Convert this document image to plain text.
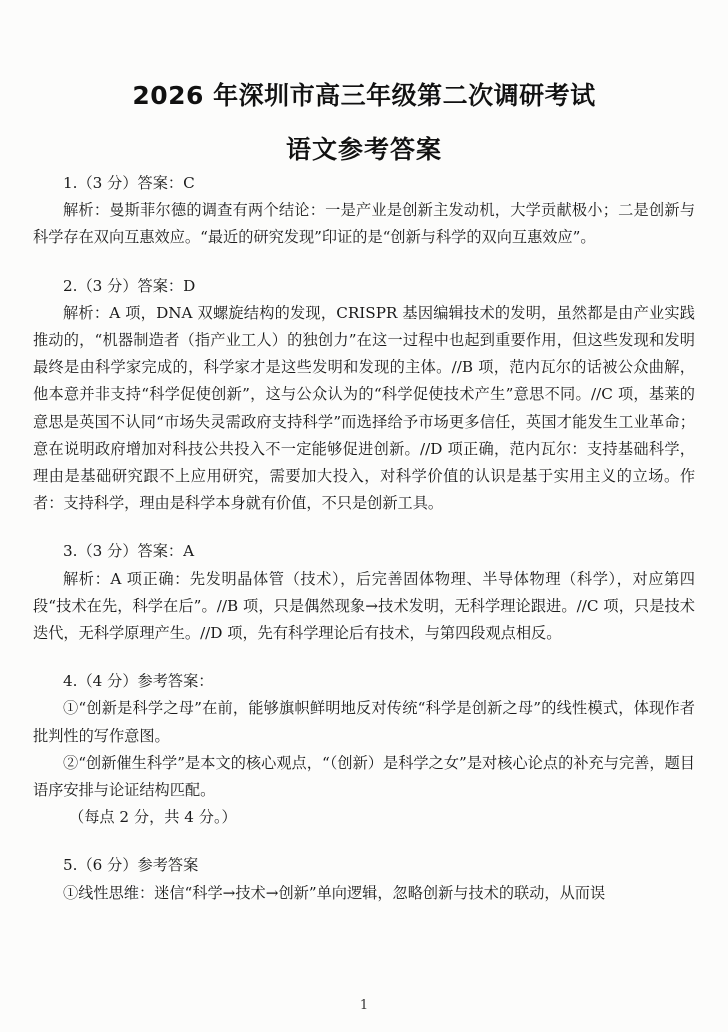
2026 年深圳市高三年级第二次调研考试
语文参考答案

1.（3 分）答案：C

解析：曼斯菲尔德的调查有两个结论：一是产业是创新主发动机，大学贡献极小；二是创新与科学存在双向互惠效应。“最近的研究发现”印证的是“创新与科学的双向互惠效应”。

2.（3 分）答案：D

解析：A 项，DNA 双螺旋结构的发现，CRISPR 基因编辑技术的发明，虽然都是由产业实践推动的，“机器制造者（指产业工人）的独创力”在这一过程中也起到重要作用，但这些发现和发明最终是由科学家完成的，科学家才是这些发明和发现的主体。//B 项，范内瓦尔的话被公众曲解，他本意并非支持“科学促使创新”，这与公众认为的“科学促使技术产生”意思不同。//C 项，基莱的意思是英国不认同“市场失灵需政府支持科学”而选择给予市场更多信任，英国才能发生工业革命；意在说明政府增加对科技公共投入不一定能够促进创新。//D 项正确，范内瓦尔：支持基础科学，理由是基础研究跟不上应用研究，需要加大投入，对科学价值的认识是基于实用主义的立场。作者：支持科学，理由是科学本身就有价值，不只是创新工具。

3.（3 分）答案：A

解析：A 项正确：先发明晶体管（技术），后完善固体物理、半导体物理（科学），对应第四段“技术在先，科学在后”。//B 项，只是偶然现象→技术发明，无科学理论跟进。//C 项，只是技术迭代，无科学原理产生。//D 项，先有科学理论后有技术，与第四段观点相反。

4.（4 分）参考答案：

①“创新是科学之母”在前，能够旗帜鲜明地反对传统“科学是创新之母”的线性模式，体现作者批判性的写作意图。

②“创新催生科学”是本文的核心观点，“（创新）是科学之女”是对核心论点的补充与完善，题目语序安排与论证结构匹配。

（每点 2 分，共 4 分。）

5.（6 分）参考答案

①线性思维：迷信“科学→技术→创新”单向逻辑，忽略创新与技术的联动，从而误

1
